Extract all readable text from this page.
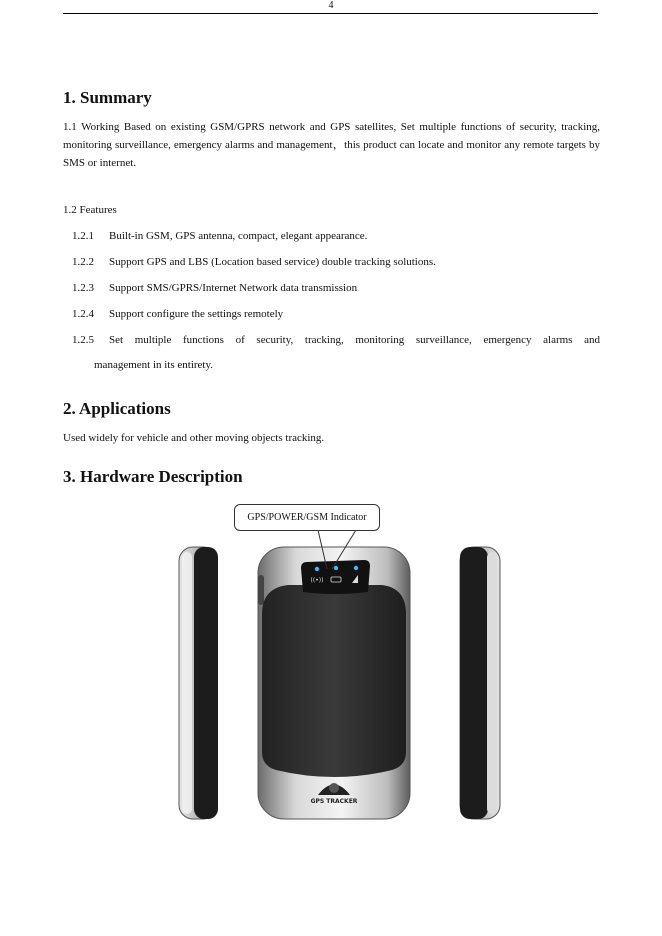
4
1. Summary

1.1 Working Based on existing GSM/GPRS network and GPS satellites, Set multiple functions of security, tracking, monitoring surveillance, emergency alarms and management，this product can locate and monitor any remote targets by SMS or internet.

1.2 Features
1.2.1 Built-in GSM, GPS antenna, compact, elegant appearance.
1.2.2 Support GPS and LBS (Location based service) double tracking solutions.
1.2.3 Support SMS/GPRS/Internet Network data transmission
1.2.4 Support configure the settings remotely
1.2.5 Set multiple functions of security, tracking, monitoring surveillance, emergency alarms and
management in its entirety.
2. Applications
Used widely for vehicle and other moving objects tracking.
3. Hardware Description
((•))
GPS TRACKER
GPS/POWER/GSM Indicator
